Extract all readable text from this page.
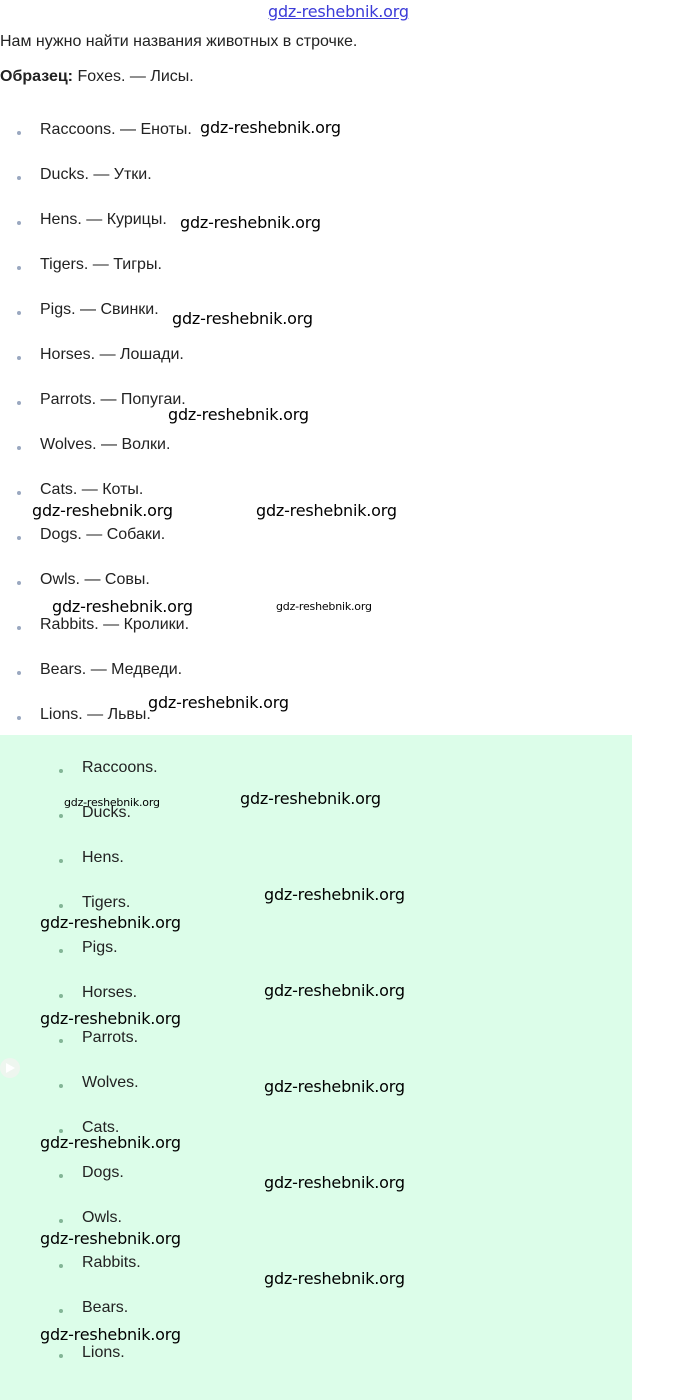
gdz-reshebnik.org
Нам нужно найти названия животных в строчке.
Образец: Foxes. — Лисы.
Raccoons. — Еноты.
Ducks. — Утки.
Hens. — Курицы.
Tigers. — Тигры.
Pigs. — Свинки.
Horses. — Лошади.
Parrots. — Попугаи.
Wolves. — Волки.
Cats. — Коты.
Dogs. — Собаки.
Owls. — Совы.
Rabbits. — Кролики.
Bears. — Медведи.
Lions. — Львы.
Raccoons.
Ducks.
Hens.
Tigers.
Pigs.
Horses.
Parrots.
Wolves.
Cats.
Dogs.
Owls.
Rabbits.
Bears.
Lions.
gdz-reshebnik.org
gdz-reshebnik.org
gdz-reshebnik.org
gdz-reshebnik.org
gdz-reshebnik.org	gdz-reshebnik.org
gdz-reshebnik.org	gdz-reshebnik.org
gdz-reshebnik.org
gdz-reshebnik.org	gdz-reshebnik.org
gdz-reshebnik.org
gdz-reshebnik.org
gdz-reshebnik.org
gdz-reshebnik.org
gdz-reshebnik.org
gdz-reshebnik.org
gdz-reshebnik.org
gdz-reshebnik.org
gdz-reshebnik.org
gdz-reshebnik.org
